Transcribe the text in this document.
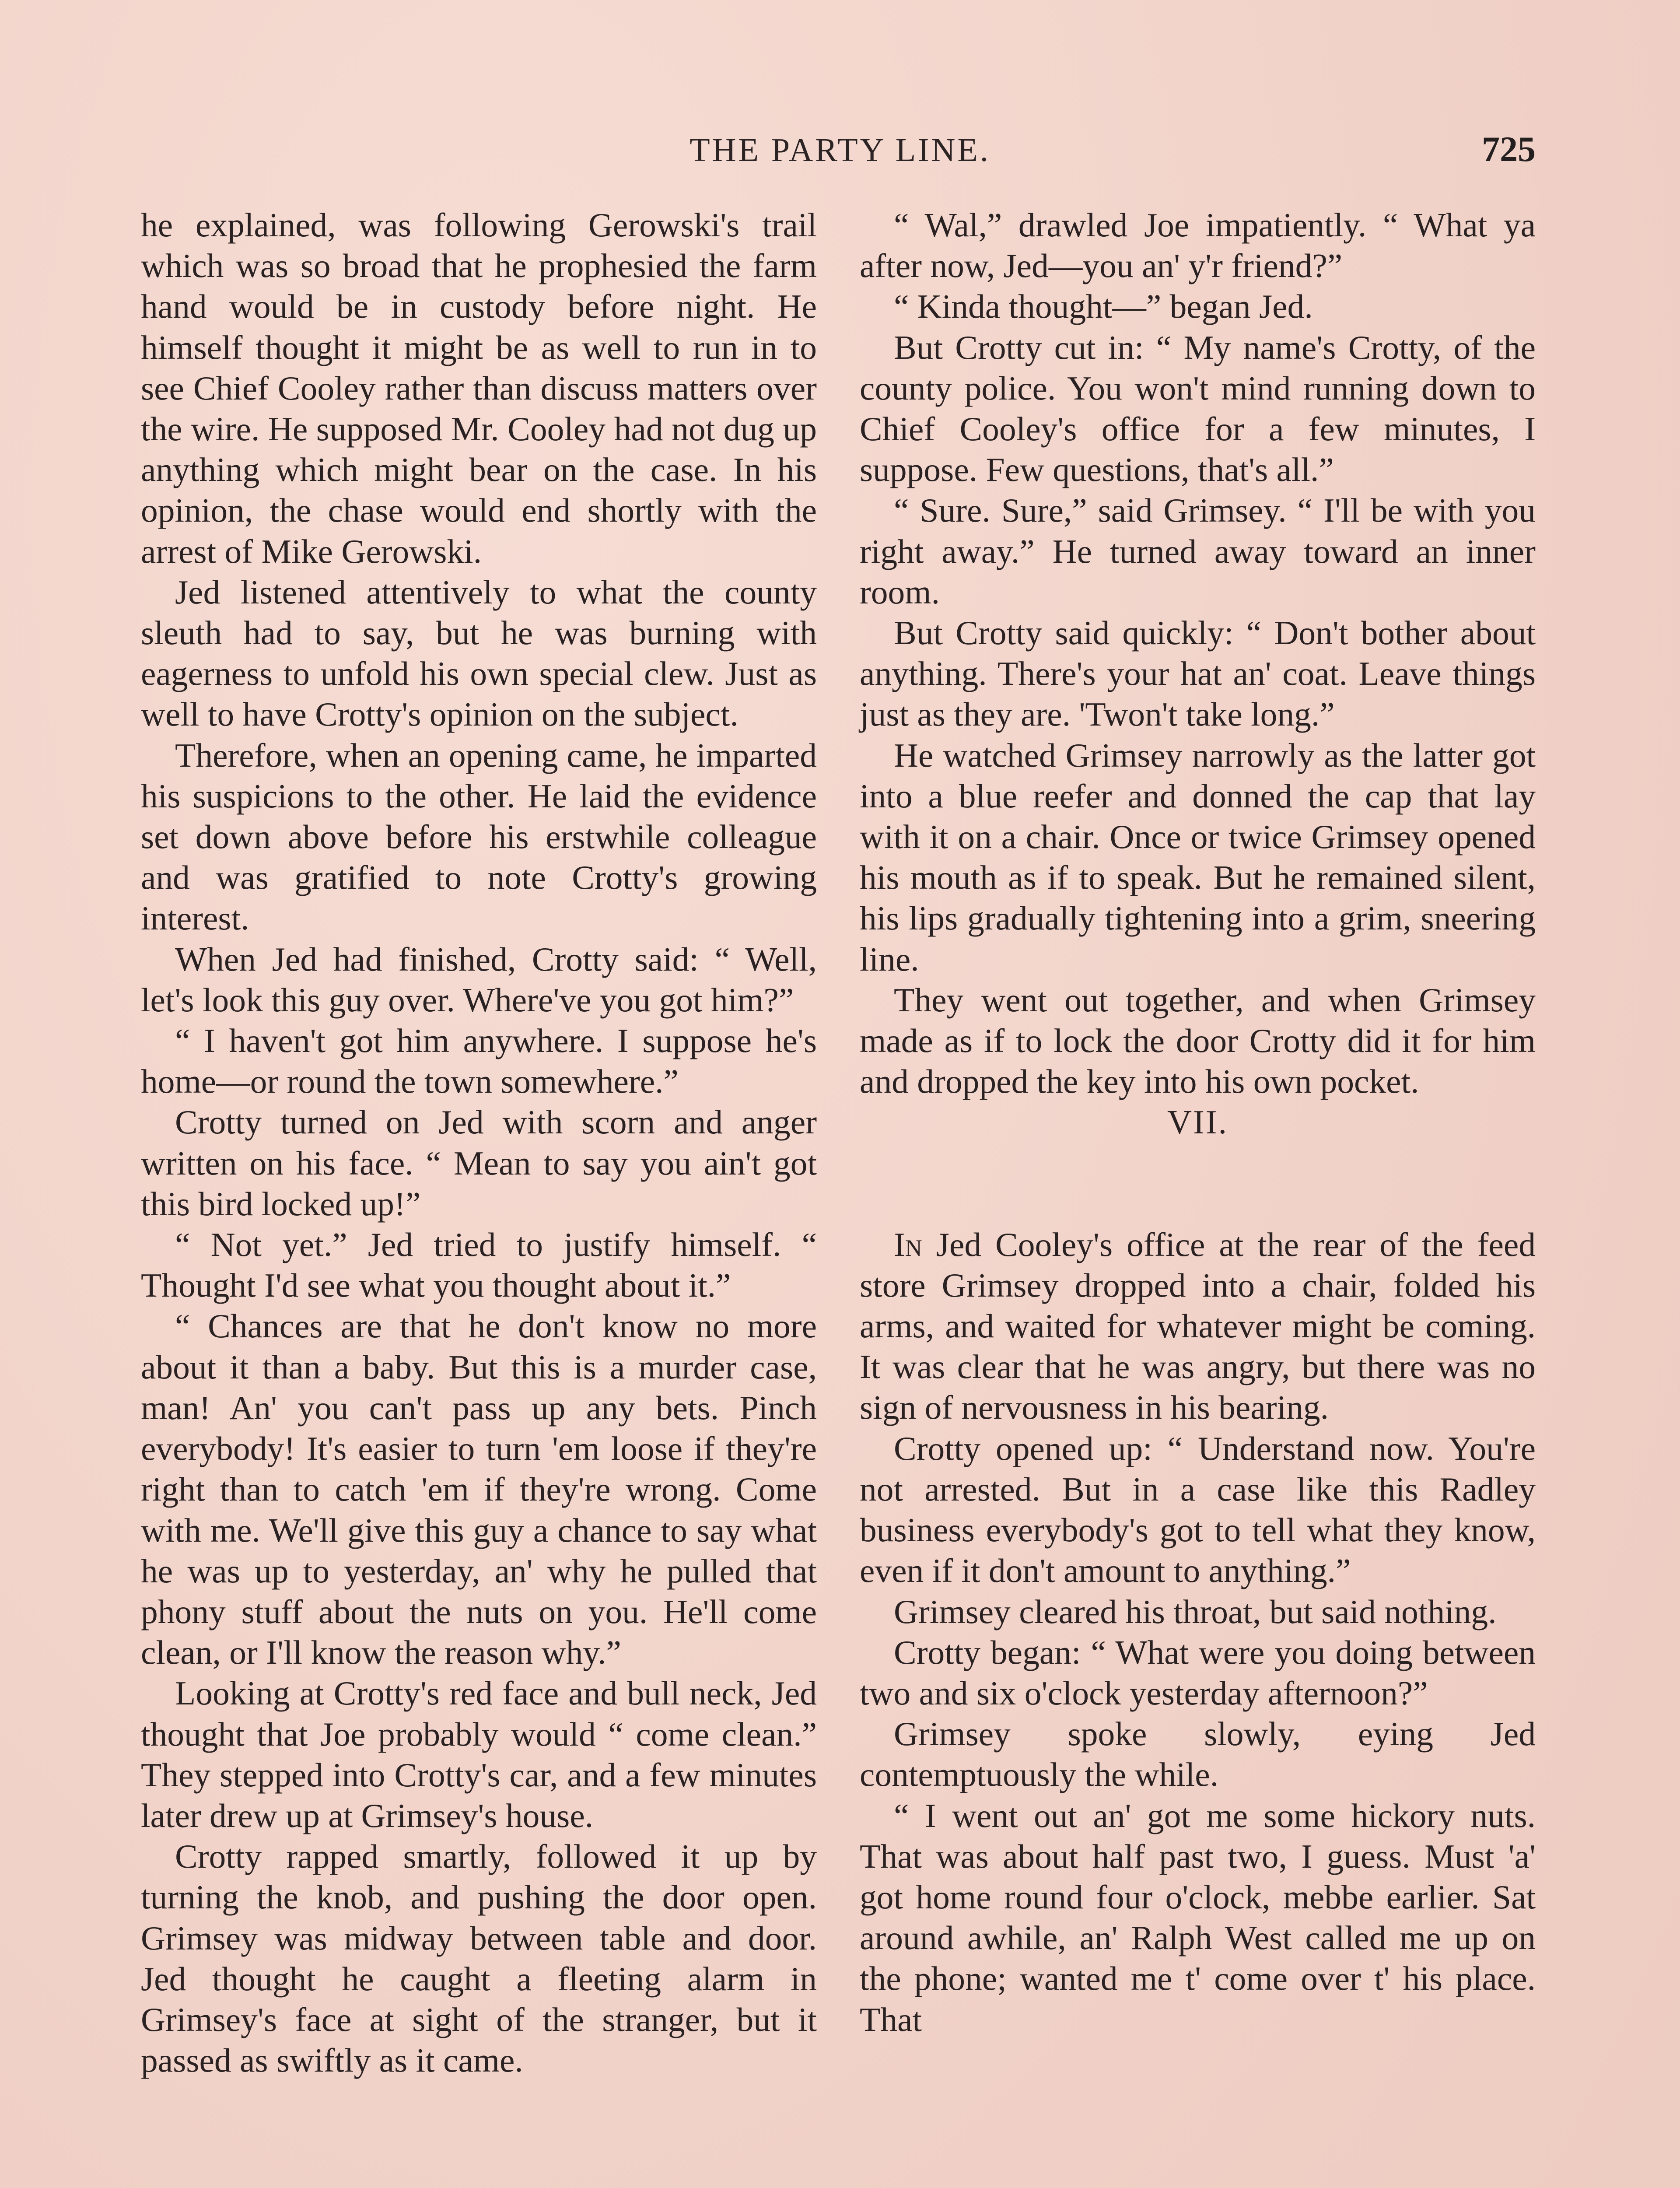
THE PARTY LINE.	725

he explained, was following Gerowski's trail which was so broad that he prophesied the farm hand would be in custody before night. He himself thought it might be as well to run in to see Chief Cooley rather than discuss matters over the wire. He supposed Mr. Cooley had not dug up anything which might bear on the case. In his opinion, the chase would end shortly with the arrest of Mike Gerowski.

Jed listened attentively to what the county sleuth had to say, but he was burning with eagerness to unfold his own special clew. Just as well to have Crotty's opinion on the subject.

Therefore, when an opening came, he imparted his suspicions to the other. He laid the evidence set down above before his erstwhile colleague and was gratified to note Crotty's growing interest.

When Jed had finished, Crotty said: “ Well, let's look this guy over. Where've you got him?”

“ I haven't got him anywhere. I suppose he's home—or round the town somewhere.”

Crotty turned on Jed with scorn and anger written on his face. “ Mean to say you ain't got this bird locked up!”

“ Not yet.” Jed tried to justify himself. “ Thought I'd see what you thought about it.”

“ Chances are that he don't know no more about it than a baby. But this is a murder case, man! An' you can't pass up any bets. Pinch everybody! It's easier to turn 'em loose if they're right than to catch 'em if they're wrong. Come with me. We'll give this guy a chance to say what he was up to yesterday, an' why he pulled that phony stuff about the nuts on you. He'll come clean, or I'll know the reason why.”

Looking at Crotty's red face and bull neck, Jed thought that Joe probably would “ come clean.” They stepped into Crotty's car, and a few minutes later drew up at Grimsey's house.

Crotty rapped smartly, followed it up by turning the knob, and pushing the door open. Grimsey was midway between table and door. Jed thought he caught a fleeting alarm in Grimsey's face at sight of the stranger, but it passed as swiftly as it came.

“ Wal,” drawled Joe impatiently. “ What ya after now, Jed—you an' y'r friend?”

“ Kinda thought—” began Jed.

But Crotty cut in: “ My name's Crotty, of the county police. You won't mind running down to Chief Cooley's office for a few minutes, I suppose. Few questions, that's all.”

“ Sure. Sure,” said Grimsey. “ I'll be with you right away.” He turned away toward an inner room.

But Crotty said quickly: “ Don't bother about anything. There's your hat an' coat. Leave things just as they are. 'Twon't take long.”

He watched Grimsey narrowly as the latter got into a blue reefer and donned the cap that lay with it on a chair. Once or twice Grimsey opened his mouth as if to speak. But he remained silent, his lips gradually tightening into a grim, sneering line.

They went out together, and when Grimsey made as if to lock the door Crotty did it for him and dropped the key into his own pocket.

VII.

In Jed Cooley's office at the rear of the feed store Grimsey dropped into a chair, folded his arms, and waited for whatever might be coming. It was clear that he was angry, but there was no sign of nervousness in his bearing.

Crotty opened up: “ Understand now. You're not arrested. But in a case like this Radley business everybody's got to tell what they know, even if it don't amount to anything.”

Grimsey cleared his throat, but said nothing.

Crotty began: “ What were you doing between two and six o'clock yesterday afternoon?”

Grimsey spoke slowly, eying Jed contemptuously the while.

“ I went out an' got me some hickory nuts. That was about half past two, I guess. Must 'a' got home round four o'clock, mebbe earlier. Sat around awhile, an' Ralph West called me up on the phone; wanted me t' come over t' his place. That
